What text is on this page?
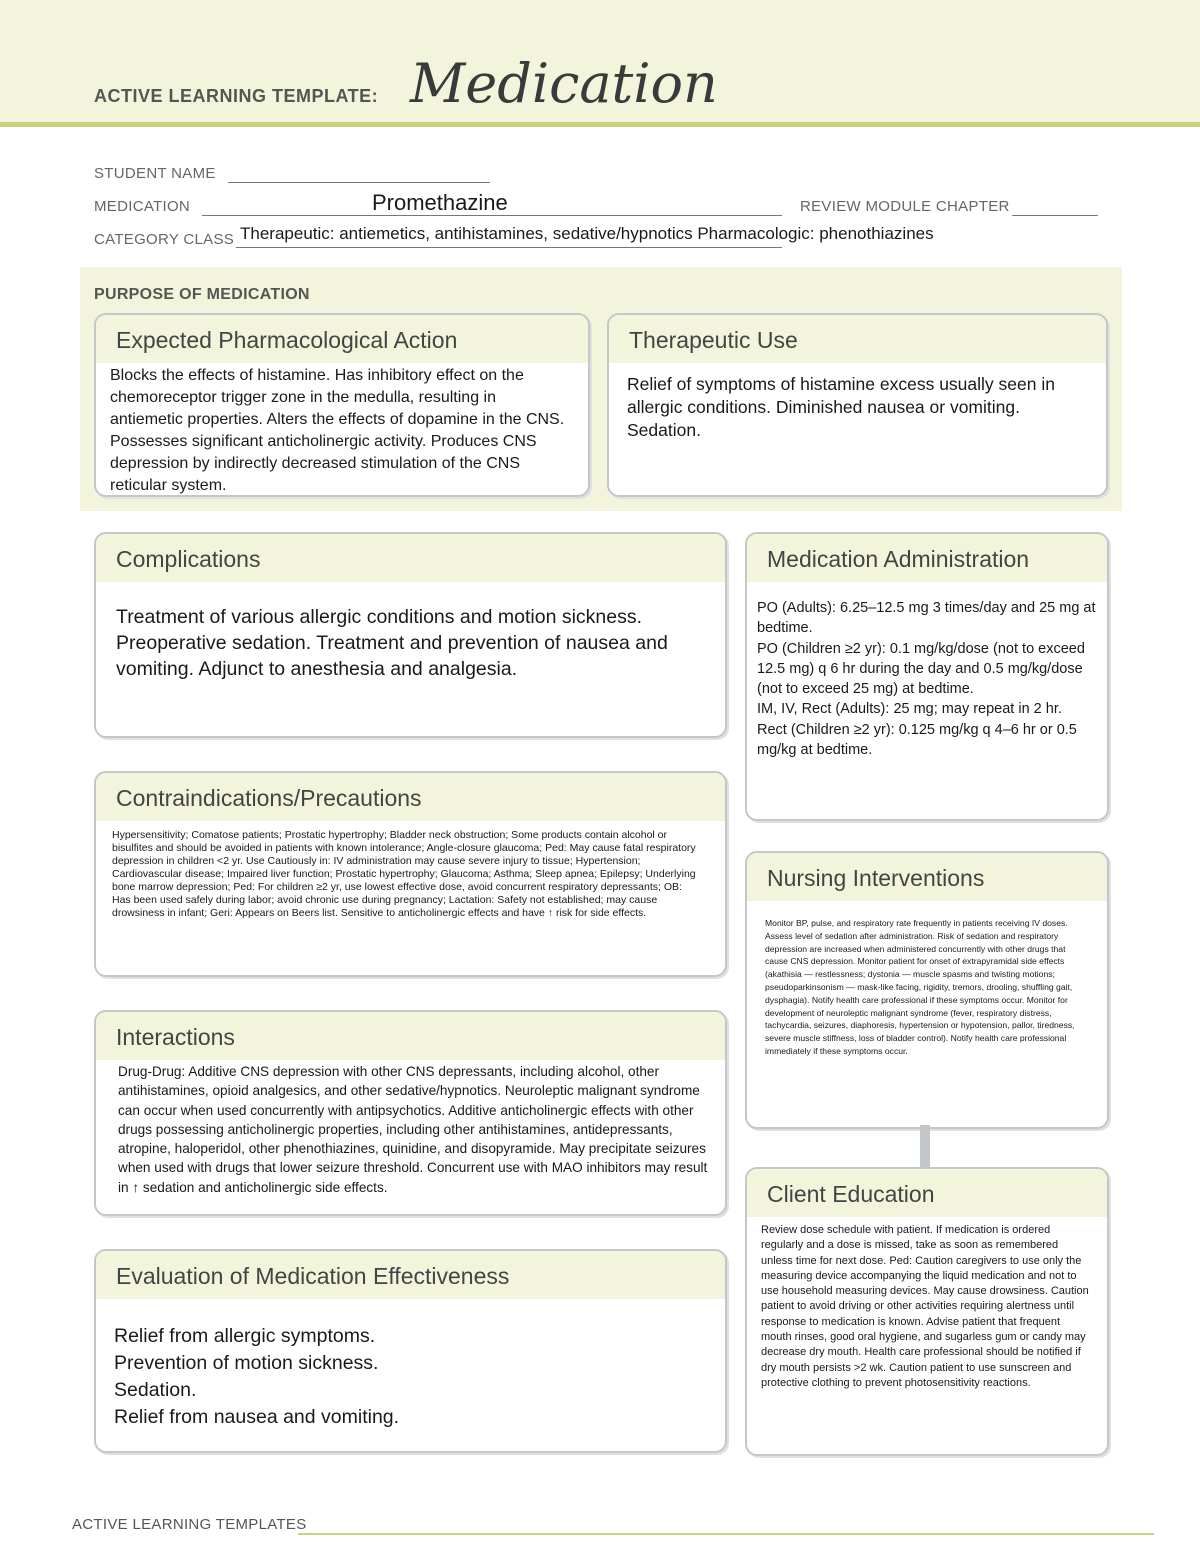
ACTIVE LEARNING TEMPLATE: Medication
STUDENT NAME
MEDICATION	Promethazine	REVIEW MODULE CHAPTER
CATEGORY CLASS Therapeutic: antiemetics, antihistamines, sedative/hypnotics Pharmacologic: phenothiazines
PURPOSE OF MEDICATION
Expected Pharmacological Action
Blocks the effects of histamine. Has inhibitory effect on the chemoreceptor trigger zone in the medulla, resulting in antiemetic properties. Alters the effects of dopamine in the CNS. Possesses significant anticholinergic activity. Produces CNS depression by indirectly decreased stimulation of the CNS reticular system.
Therapeutic Use
Relief of symptoms of histamine excess usually seen in allergic conditions. Diminished nausea or vomiting. Sedation.
Complications
Treatment of various allergic conditions and motion sickness. Preoperative sedation. Treatment and prevention of nausea and vomiting. Adjunct to anesthesia and analgesia.
Medication Administration
PO (Adults): 6.25–12.5 mg 3 times/day and 25 mg at bedtime.
PO (Children ≥2 yr): 0.1 mg/kg/dose (not to exceed 12.5 mg) q 6 hr during the day and 0.5 mg/kg/dose (not to exceed 25 mg) at bedtime.
IM, IV, Rect (Adults): 25 mg; may repeat in 2 hr.
Rect (Children ≥2 yr): 0.125 mg/kg q 4–6 hr or 0.5 mg/kg at bedtime.
Contraindications/Precautions
Hypersensitivity; Comatose patients; Prostatic hypertrophy; Bladder neck obstruction; Some products contain alcohol or bisulfites and should be avoided in patients with known intolerance; Angle-closure glaucoma; Ped: May cause fatal respiratory depression in children <2 yr. Use Cautiously in: IV administration may cause severe injury to tissue; Hypertension; Cardiovascular disease; Impaired liver function; Prostatic hypertrophy; Glaucoma; Asthma; Sleep apnea; Epilepsy; Underlying bone marrow depression; Ped: For children ≥2 yr, use lowest effective dose, avoid concurrent respiratory depressants; OB: Has been used safely during labor; avoid chronic use during pregnancy; Lactation: Safety not established; may cause drowsiness in infant; Geri: Appears on Beers list. Sensitive to anticholinergic effects and have ↑ risk for side effects.
Nursing Interventions
Monitor BP, pulse, and respiratory rate frequently in patients receiving IV doses. Assess level of sedation after administration. Risk of sedation and respiratory depression are increased when administered concurrently with other drugs that cause CNS depression. Monitor patient for onset of extrapyramidal side effects (akathisia — restlessness; dystonia — muscle spasms and twisting motions; pseudoparkinsonism — mask-like facing, rigidity, tremors, drooling, shuffling gait, dysphagia). Notify health care professional if these symptoms occur. Monitor for development of neuroleptic malignant syndrome (fever, respiratory distress, tachycardia, seizures, diaphoresis, hypertension or hypotension, pallor, tiredness, severe muscle stiffness, loss of bladder control). Notify health care professional immediately if these symptoms occur.
Interactions
Drug-Drug: Additive CNS depression with other CNS depressants, including alcohol, other antihistamines, opioid analgesics, and other sedative/hypnotics. Neuroleptic malignant syndrome can occur when used concurrently with antipsychotics. Additive anticholinergic effects with other drugs possessing anticholinergic properties, including other antihistamines, antidepressants, atropine, haloperidol, other phenothiazines, quinidine, and disopyramide. May precipitate seizures when used with drugs that lower seizure threshold. Concurrent use with MAO inhibitors may result in ↑ sedation and anticholinergic side effects.	Client Education
Review dose schedule with patient. If medication is ordered regularly and a dose is missed, take as soon as remembered unless time for next dose. Ped: Caution caregivers to use only the measuring device accompanying the liquid medication and not to use household measuring devices. May cause drowsiness. Caution patient to avoid driving or other activities requiring alertness until response to medication is known. Advise patient that frequent mouth rinses, good oral hygiene, and sugarless gum or candy may decrease dry mouth. Health care professional should be notified if dry mouth persists >2 wk. Caution patient to use sunscreen and protective clothing to prevent photosensitivity reactions.
Evaluation of Medication Effectiveness
Relief from allergic symptoms.
Prevention of motion sickness.
Sedation.
Relief from nausea and vomiting.
ACTIVE LEARNING TEMPLATES
